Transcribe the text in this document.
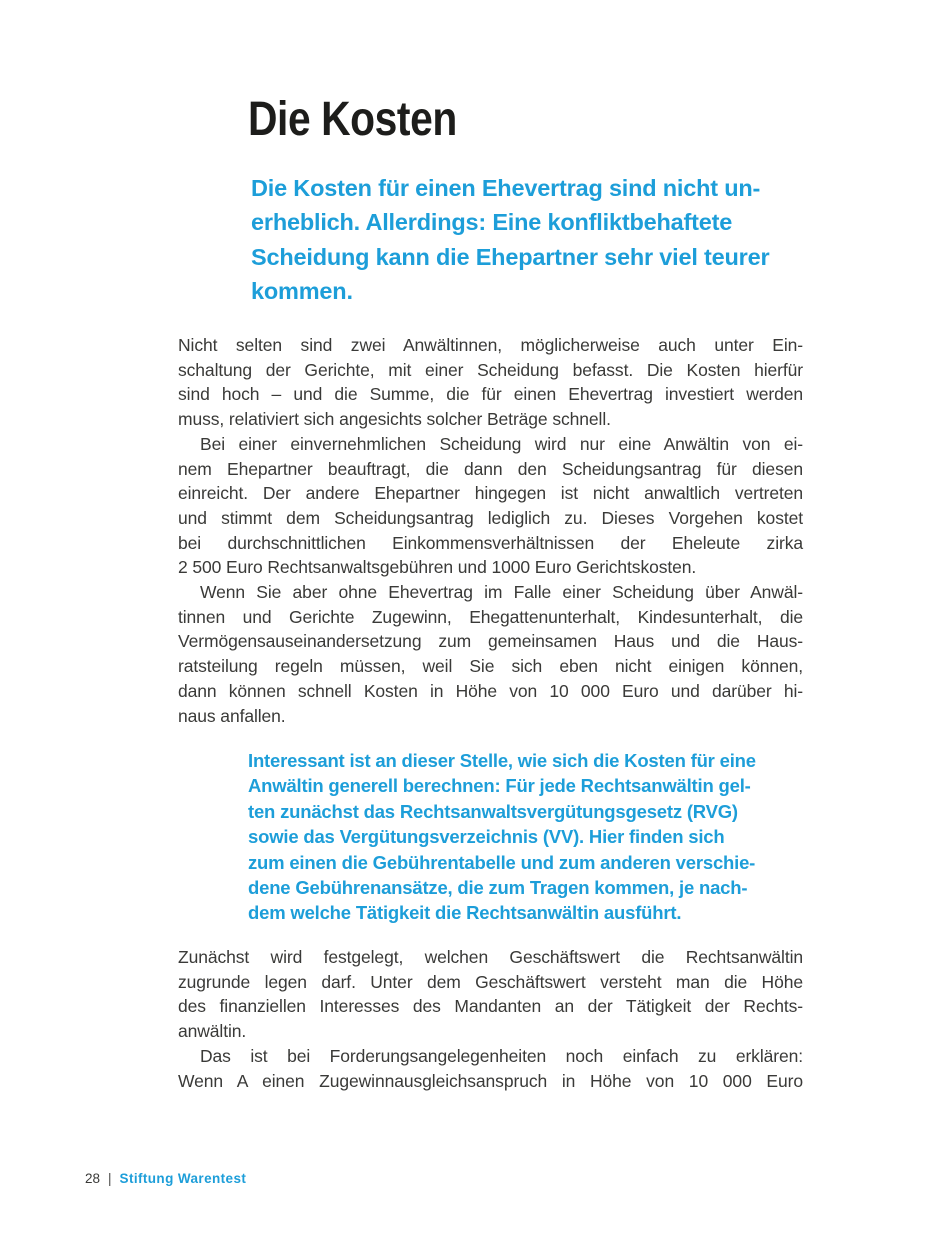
Die Kosten
Die Kosten für einen Ehevertrag sind nicht un-
erheblich. Allerdings: Eine konfliktbehaftete
Scheidung kann die Ehepartner sehr viel teurer
kommen.
Nicht selten sind zwei Anwältinnen, möglicherweise auch unter Ein-
schaltung der Gerichte, mit einer Scheidung befasst. Die Kosten hierfür
sind hoch – und die Summe, die für einen Ehevertrag investiert werden
muss, relativiert sich angesichts solcher Beträge schnell.
Bei einer einvernehmlichen Scheidung wird nur eine Anwältin von ei-
nem Ehepartner beauftragt, die dann den Scheidungsantrag für diesen
einreicht. Der andere Ehepartner hingegen ist nicht anwaltlich vertreten
und stimmt dem Scheidungsantrag lediglich zu. Dieses Vorgehen kostet
bei durchschnittlichen Einkommensverhältnissen der Eheleute zirka
2 500 Euro Rechtsanwaltsgebühren und 1000 Euro Gerichtskosten.
Wenn Sie aber ohne Ehevertrag im Falle einer Scheidung über Anwäl-
tinnen und Gerichte Zugewinn, Ehegattenunterhalt, Kindesunterhalt, die
Vermögensauseinandersetzung zum gemeinsamen Haus und die Haus-
ratsteilung regeln müssen, weil Sie sich eben nicht einigen können,
dann können schnell Kosten in Höhe von 10 000 Euro und darüber hi-
naus anfallen.
Interessant ist an dieser Stelle, wie sich die Kosten für eine
Anwältin generell berechnen: Für jede Rechtsanwältin gel-
ten zunächst das Rechtsanwaltsvergütungsgesetz (RVG)
sowie das Vergütungsverzeichnis (VV). Hier finden sich
zum einen die Gebührentabelle und zum anderen verschie-
dene Gebührenansätze, die zum Tragen kommen, je nach-
dem welche Tätigkeit die Rechtsanwältin ausführt.
Zunächst wird festgelegt, welchen Geschäftswert die Rechtsanwältin
zugrunde legen darf. Unter dem Geschäftswert versteht man die Höhe
des finanziellen Interesses des Mandanten an der Tätigkeit der Rechts-
anwältin.
Das ist bei Forderungsangelegenheiten noch einfach zu erklären:
Wenn A einen Zugewinnausgleichsanspruch in Höhe von 10 000 Euro
28 | Stiftung Warentest
